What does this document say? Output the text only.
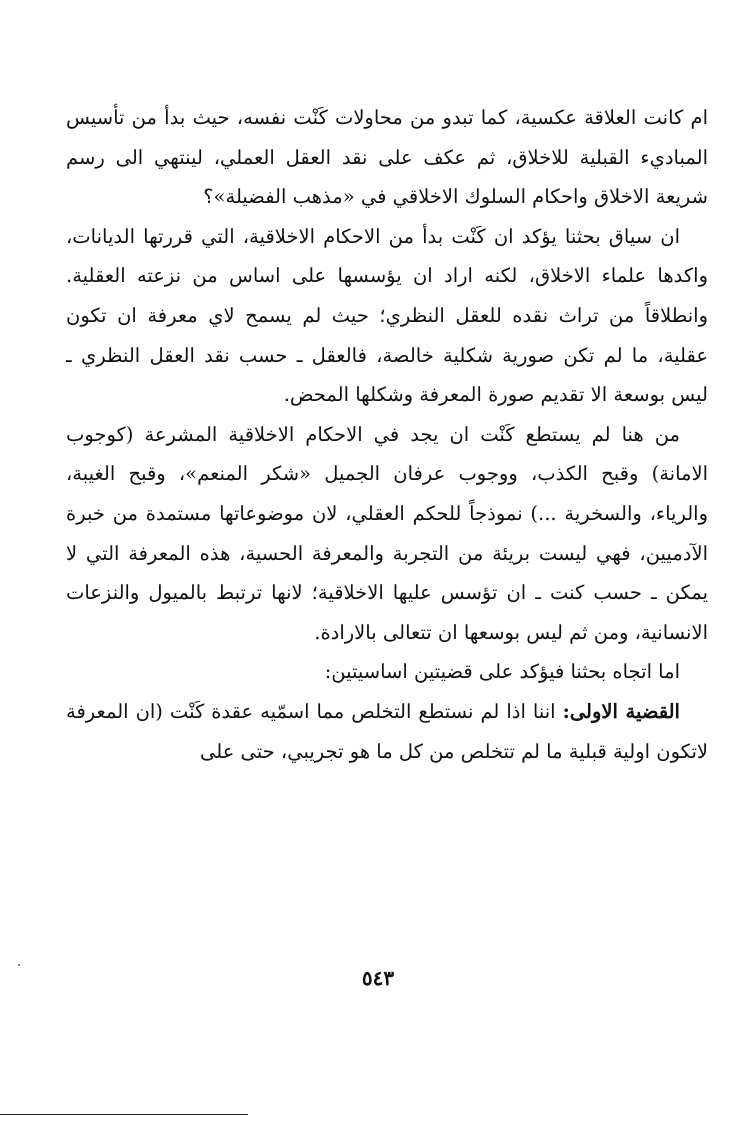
ام كانت العلاقة عكسية، كما تبدو من محاولات كَنْت نفسه، حيث بدأ من تأسيس المباديء القبلية للاخلاق، ثم عكف على نقد العقل العملي، لينتهي الى رسم شريعة الاخلاق واحكام السلوك الاخلاقي في «مذهب الفضيلة»؟

ان سياق بحثنا يؤكد ان كَنْت بدأ من الاحكام الاخلاقية، التي قررتها الديانات، واكدها علماء الاخلاق، لكنه اراد ان يؤسسها على اساس من نزعته العقلية. وانطلاقاً من تراث نقده للعقل النظري؛ حيث لم يسمح لاي معرفة ان تكون عقلية، ما لم تكن صورية شكلية خالصة، فالعقل ـ حسب نقد العقل النظري ـ ليس بوسعة الا تقديم صورة المعرفة وشكلها المحض.

من هنا لم يستطع كَنْت ان يجد في الاحكام الاخلاقية المشرعة (كوجوب الامانة) وقبح الكذب، ووجوب عرفان الجميل «شكر المنعم»، وقبح الغيبة، والرياء، والسخرية ...) نموذجاً للحكم العقلي، لان موضوعاتها مستمدة من خبرة الآدميين، فهي ليست بريئة من التجربة والمعرفة الحسية، هذه المعرفة التي لا يمكن ـ حسب كنت ـ ان تؤسس عليها الاخلاقية؛ لانها ترتبط بالميول والنزعات الانسانية، ومن ثم ليس بوسعها ان تتعالى بالارادة.

اما اتجاه بحثنا فيؤكد على قضيتين اساسيتين:

القضية الاولى: اننا اذا لم نستطع التخلص مما اسمّيه عقدة كَنْت (ان المعرفة لاتكون اولية قبلية ما لم تتخلص من كل ما هو تجريبي، حتى على

٥٤٣
